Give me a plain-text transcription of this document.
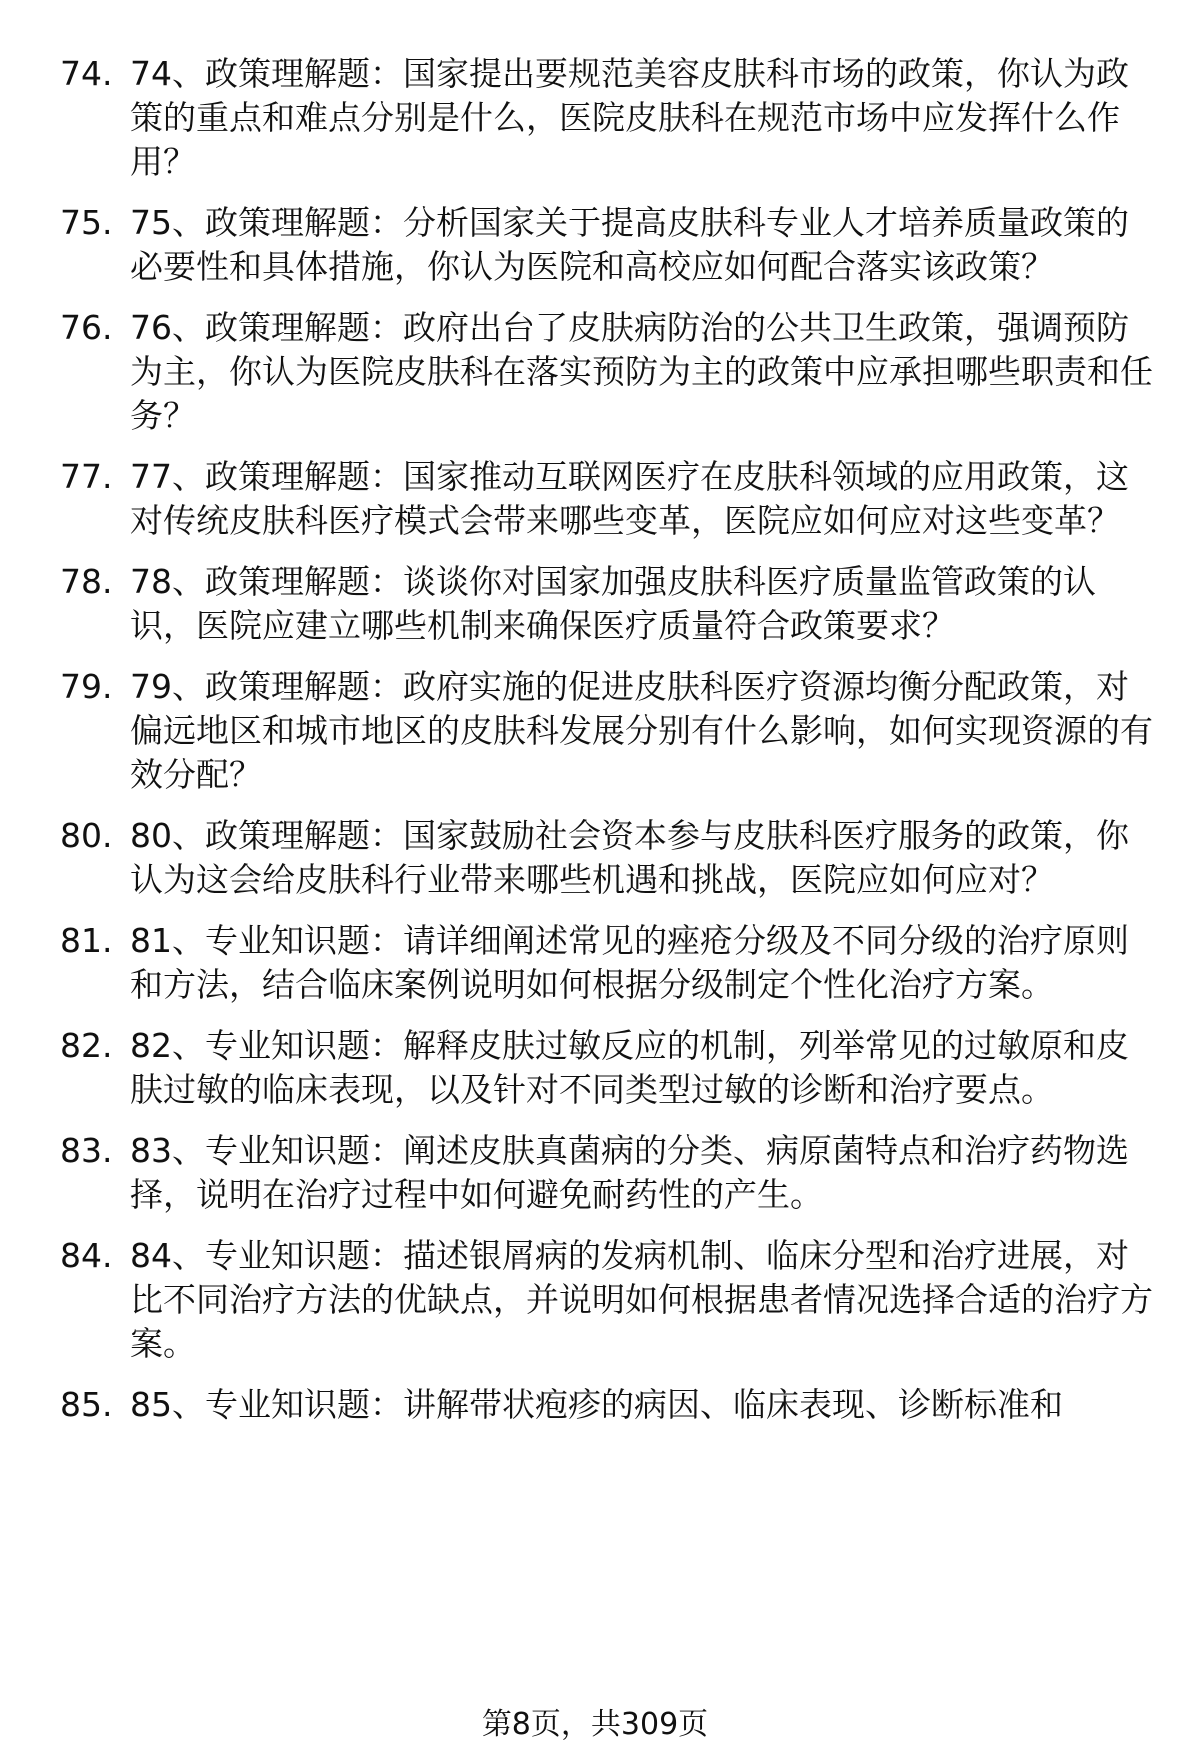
74. 74、政策理解题：国家提出要规范美容皮肤科市场的政策，你认为政策的重点和难点分别是什么，医院皮肤科在规范市场中应发挥什么作用？
75. 75、政策理解题：分析国家关于提高皮肤科专业人才培养质量政策的必要性和具体措施，你认为医院和高校应如何配合落实该政策？
76. 76、政策理解题：政府出台了皮肤病防治的公共卫生政策，强调预防为主，你认为医院皮肤科在落实预防为主的政策中应承担哪些职责和任务？
77. 77、政策理解题：国家推动互联网医疗在皮肤科领域的应用政策，这对传统皮肤科医疗模式会带来哪些变革，医院应如何应对这些变革？
78. 78、政策理解题：谈谈你对国家加强皮肤科医疗质量监管政策的认识，医院应建立哪些机制来确保医疗质量符合政策要求？
79. 79、政策理解题：政府实施的促进皮肤科医疗资源均衡分配政策，对偏远地区和城市地区的皮肤科发展分别有什么影响，如何实现资源的有效分配？
80. 80、政策理解题：国家鼓励社会资本参与皮肤科医疗服务的政策，你认为这会给皮肤科行业带来哪些机遇和挑战，医院应如何应对？
81. 81、专业知识题：请详细阐述常见的痤疮分级及不同分级的治疗原则和方法，结合临床案例说明如何根据分级制定个性化治疗方案。
82. 82、专业知识题：解释皮肤过敏反应的机制，列举常见的过敏原和皮肤过敏的临床表现，以及针对不同类型过敏的诊断和治疗要点。
83. 83、专业知识题：阐述皮肤真菌病的分类、病原菌特点和治疗药物选择，说明在治疗过程中如何避免耐药性的产生。
84. 84、专业知识题：描述银屑病的发病机制、临床分型和治疗进展，对比不同治疗方法的优缺点，并说明如何根据患者情况选择合适的治疗方案。
85. 85、专业知识题：讲解带状疱疹的病因、临床表现、诊断标准和
第8页，共309页
